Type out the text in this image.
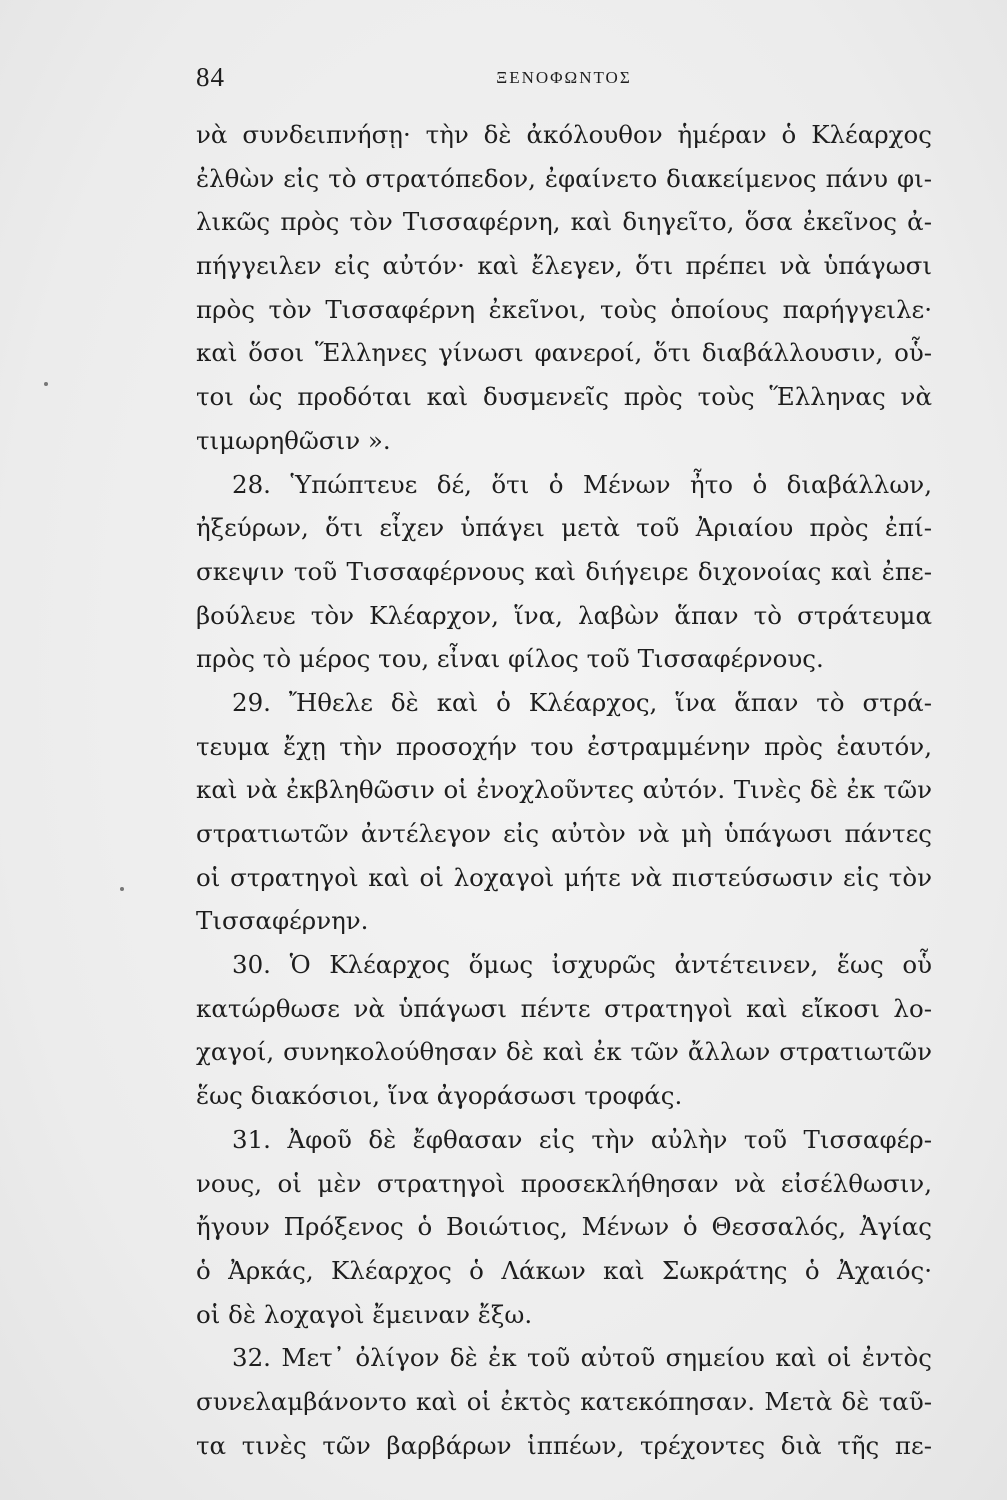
84	ΞΕΝΟΦΩΝΤΟΣ
νὰ συνδειπνήσῃ· τὴν δὲ ἀκόλουθον ἡμέραν ὁ Κλέαρχος
ἐλθὼν εἰς τὸ στρατόπεδον, ἐφαίνετο διακείμενος πάνυ φι-
λικῶς πρὸς τὸν Τισσαφέρνη, καὶ διηγεῖτο, ὅσα ἐκεῖνος ἀ-
πήγγειλεν εἰς αὐτόν· καὶ ἔλεγεν, ὅτι πρέπει νὰ ὑπάγωσι
πρὸς τὸν Τισσαφέρνη ἐκεῖνοι, τοὺς ὁποίους παρήγγειλε·
καὶ ὅσοι Ἕλληνες γίνωσι φανεροί, ὅτι διαβάλλουσιν, οὗ-
τοι ὡς προδόται καὶ δυσμενεῖς πρὸς τοὺς Ἕλληνας νὰ
τιμωρηθῶσιν ».
28. Ὑπώπτευε δέ, ὅτι ὁ Μένων ἦτο ὁ διαβάλλων,
ἠξεύρων, ὅτι εἶχεν ὑπάγει μετὰ τοῦ Ἀριαίου πρὸς ἐπί-
σκεψιν τοῦ Τισσαφέρνους καὶ διήγειρε διχονοίας καὶ ἐπε-
βούλευε τὸν Κλέαρχον, ἵνα, λαβὼν ἅπαν τὸ στράτευμα
πρὸς τὸ μέρος του, εἶναι φίλος τοῦ Τισσαφέρνους.
29. Ἤθελε δὲ καὶ ὁ Κλέαρχος, ἵνα ἅπαν τὸ στρά-
τευμα ἔχῃ τὴν προσοχήν του ἐστραμμένην πρὸς ἑαυτόν,
καὶ νὰ ἐκβληθῶσιν οἱ ἐνοχλοῦντες αὐτόν. Τινὲς δὲ ἐκ τῶν
στρατιωτῶν ἀντέλεγον εἰς αὐτὸν νὰ μὴ ὑπάγωσι πάντες
οἱ στρατηγοὶ καὶ οἱ λοχαγοὶ μήτε νὰ πιστεύσωσιν εἰς τὸν
Τισσαφέρνην.
30. Ὁ Κλέαρχος ὅμως ἰσχυρῶς ἀντέτεινεν, ἕως οὗ
κατώρθωσε νὰ ὑπάγωσι πέντε στρατηγοὶ καὶ εἴκοσι λο-
χαγοί, συνηκολούθησαν δὲ καὶ ἐκ τῶν ἄλλων στρατιωτῶν
ἕως διακόσιοι, ἵνα ἀγοράσωσι τροφάς.
31. Ἀφοῦ δὲ ἔφθασαν εἰς τὴν αὐλὴν τοῦ Τισσαφέρ-
νους, οἱ μὲν στρατηγοὶ προσεκλήθησαν νὰ εἰσέλθωσιν,
ἤγουν Πρόξενος ὁ Βοιώτιος, Μένων ὁ Θεσσαλός, Ἀγίας
ὁ Ἀρκάς, Κλέαρχος ὁ Λάκων καὶ Σωκράτης ὁ Ἀχαιός·
οἱ δὲ λοχαγοὶ ἔμειναν ἔξω.
32. Μετ᾽ ὀλίγον δὲ ἐκ τοῦ αὐτοῦ σημείου καὶ οἱ ἐντὸς
συνελαμβάνοντο καὶ οἱ ἐκτὸς κατεκόπησαν. Μετὰ δὲ ταῦ-
τα τινὲς τῶν βαρβάρων ἱππέων, τρέχοντες διὰ τῆς πε-
